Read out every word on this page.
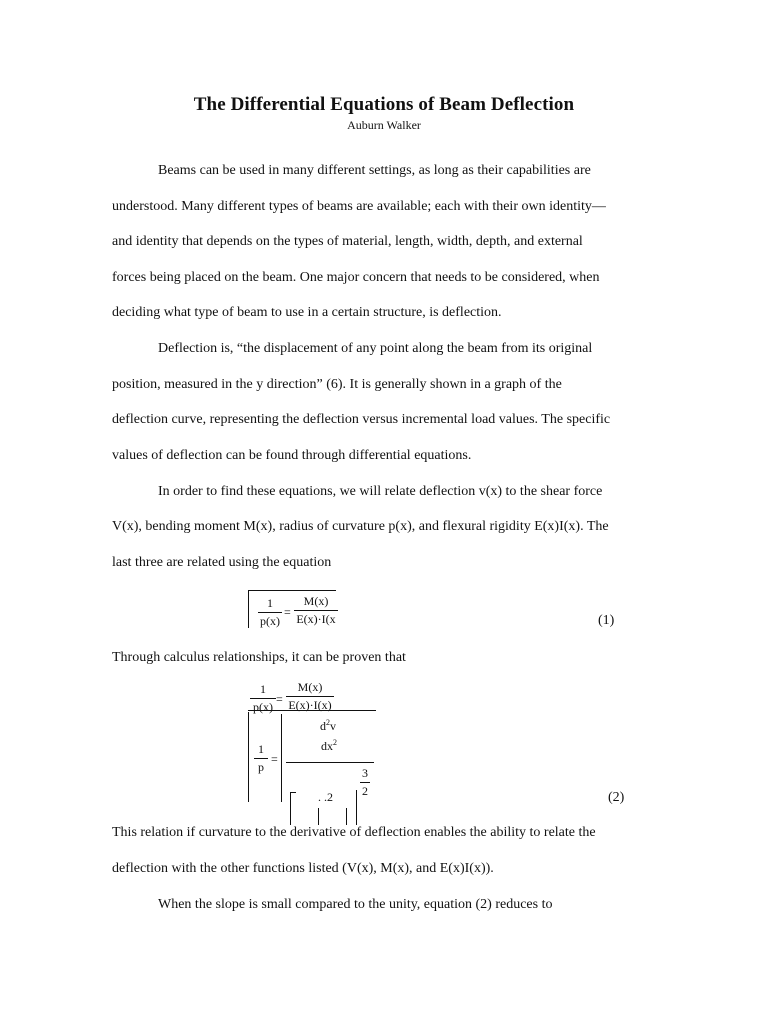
The Differential Equations of Beam Deflection
Auburn Walker
Beams can be used in many different settings, as long as their capabilities are
understood. Many different types of beams are available; each with their own identity—
and identity that depends on the types of material, length, width, depth, and external
forces being placed on the beam. One major concern that needs to be considered, when
deciding what type of beam to use in a certain structure, is deflection.
Deflection is, “the displacement of any point along the beam from its original
position, measured in the y direction” (6). It is generally shown in a graph of the
deflection curve, representing the deflection versus incremental load values. The specific
values of deflection can be found through differential equations.
In order to find these equations, we will relate deflection v(x) to the shear force
V(x), bending moment M(x), radius of curvature p(x), and flexural rigidity E(x)I(x). The
last three are related using the equation
1
p(x)
=
M(x)
E(x)·I(x	(1)
Through calculus relationships, it can be proven that
1
p(x)
=
M(x)
E(x)·I(x)
1
p
=
$d^2v$
$dx^2$
3
2
. .2	(2)
This relation if curvature to the derivative of deflection enables the ability to relate the
deflection with the other functions listed (V(x), M(x), and E(x)I(x)).
When the slope is small compared to the unity, equation (2) reduces to
